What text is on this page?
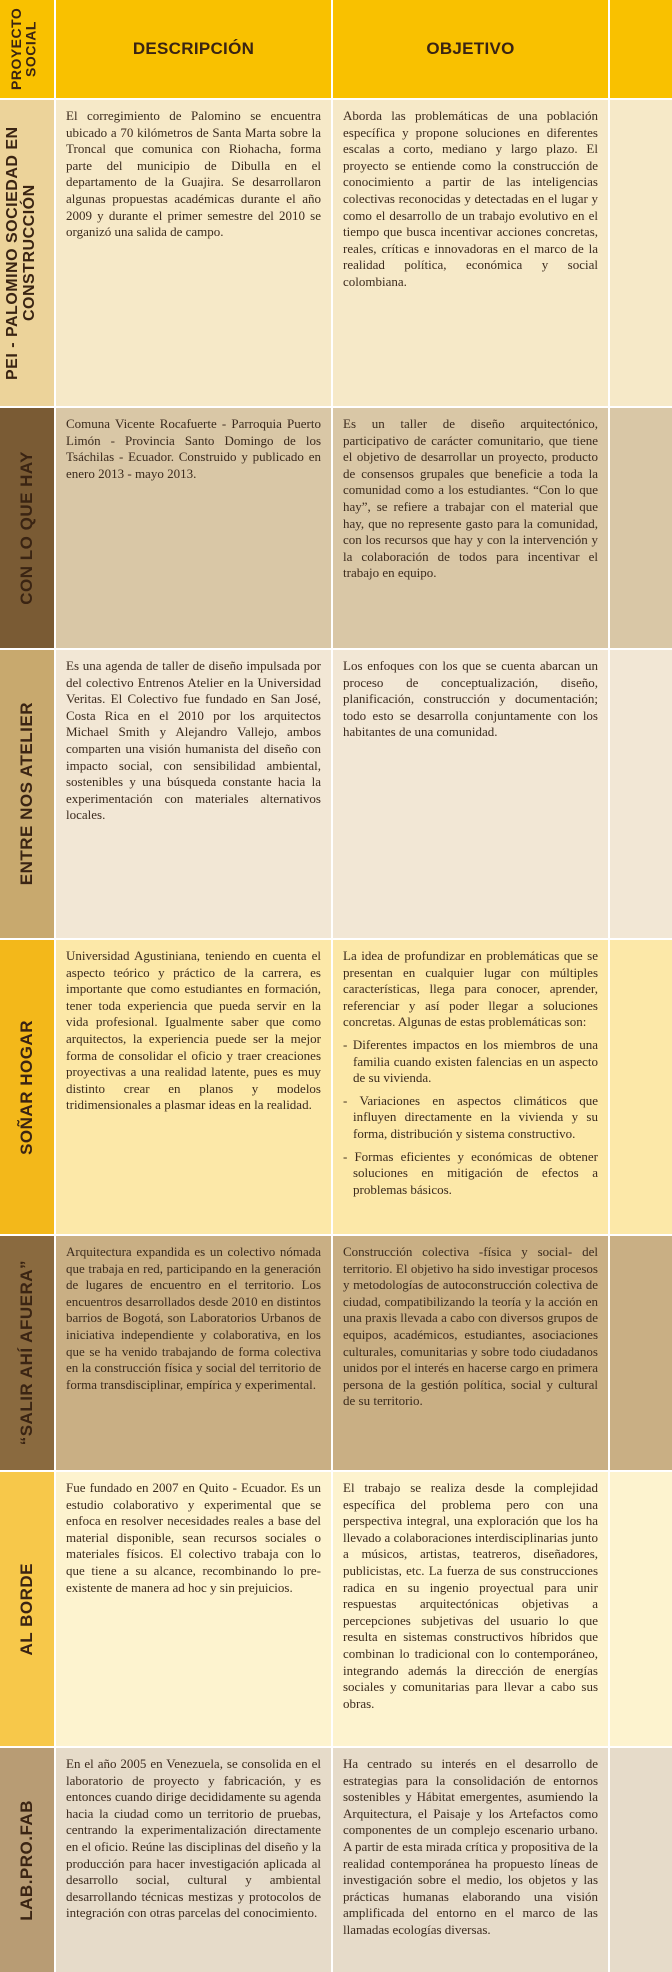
PROYECTO SOCIAL	DESCRIPCIÓN	OBJETIVO
PEI - PALOMINO SOCIEDAD EN CONSTRUCCIÓN

El corregimiento de Palomino se encuentra ubicado a 70 kilómetros de Santa Marta sobre la Troncal que comunica con Riohacha, forma parte del municipio de Dibulla en el departamento de la Guajira. Se desarrollaron algunas propuestas académicas durante el año 2009 y durante el primer semestre del 2010 se organizó una salida de campo.

Aborda las problemáticas de una población específica y propone soluciones en diferentes escalas a corto, mediano y largo plazo. El proyecto se entiende como la construcción de conocimiento a partir de las inteligencias colectivas reconocidas y detectadas en el lugar y como el desarrollo de un trabajo evolutivo en el tiempo que busca incentivar acciones concretas, reales, críticas e innovadoras en el marco de la realidad política, económica y social colombiana.

CON LO QUE HAY

Comuna Vicente Rocafuerte - Parroquia Puerto Limón - Provincia Santo Domingo de los Tsáchilas - Ecuador. Construido y publicado en enero 2013 - mayo 2013.

Es un taller de diseño arquitectónico, participativo de carácter comunitario, que tiene el objetivo de desarrollar un proyecto, producto de consensos grupales que beneficie a toda la comunidad como a los estudiantes. “Con lo que hay”, se refiere a trabajar con el material que hay, que no represente gasto para la comunidad, con los recursos que hay y con la intervención y la colaboración de todos para incentivar el trabajo en equipo.

ENTRE NOS ATELIER

Es una agenda de taller de diseño impulsada por del colectivo Entrenos Atelier en la Universidad Veritas. El Colectivo fue fundado en San José, Costa Rica en el 2010 por los arquitectos Michael Smith y Alejandro Vallejo, ambos comparten una visión humanista del diseño con impacto social, con sensibilidad ambiental, sostenibles y una búsqueda constante hacia la experimentación con materiales alternativos locales.

Los enfoques con los que se cuenta abarcan un proceso de conceptualización, diseño, planificación, construcción y documentación; todo esto se desarrolla conjuntamente con los habitantes de una comunidad.

SOÑAR HOGAR

Universidad Agustiniana, teniendo en cuenta el aspecto teórico y práctico de la carrera, es importante que como estudiantes en formación, tener toda experiencia que pueda servir en la vida profesional. Igualmente saber que como arquitectos, la experiencia puede ser la mejor forma de consolidar el oficio y traer creaciones proyectivas a una realidad latente, pues es muy distinto crear en planos y modelos tridimensionales a plasmar ideas en la realidad.

La idea de profundizar en problemáticas que se presentan en cualquier lugar con múltiples características, llega para conocer, aprender, referenciar y así poder llegar a soluciones concretas. Algunas de estas problemáticas son:

- Diferentes impactos en los miembros de una familia cuando existen falencias en un aspecto de su vivienda.

- Variaciones en aspectos climáticos que influyen directamente en la vivienda y su forma, distribución y sistema constructivo.

- Formas eficientes y económicas de obtener soluciones en mitigación de efectos a problemas básicos.

“SALIR AHÍ AFUERA”

Arquitectura expandida es un colectivo nómada que trabaja en red, participando en la generación de lugares de encuentro en el territorio. Los encuentros desarrollados desde 2010 en distintos barrios de Bogotá, son Laboratorios Urbanos de iniciativa independiente y colaborativa, en los que se ha venido trabajando de forma colectiva en la construcción física y social del territorio de forma transdisciplinar, empírica y experimental.

Construcción colectiva -física y social- del territorio. El objetivo ha sido investigar procesos y metodologías de autoconstrucción colectiva de ciudad, compatibilizando la teoría y la acción en una praxis llevada a cabo con diversos grupos de equipos, académicos, estudiantes, asociaciones culturales, comunitarias y sobre todo ciudadanos unidos por el interés en hacerse cargo en primera persona de la gestión política, social y cultural de su territorio.

AL BORDE

Fue fundado en 2007 en Quito - Ecuador. Es un estudio colaborativo y experimental que se enfoca en resolver necesidades reales a base del material disponible, sean recursos sociales o materiales físicos. El colectivo trabaja con lo que tiene a su alcance, recombinando lo pre-existente de manera ad hoc y sin prejuicios.

El trabajo se realiza desde la complejidad específica del problema pero con una perspectiva integral, una exploración que los ha llevado a colaboraciones interdisciplinarias junto a músicos, artistas, teatreros, diseñadores, publicistas, etc. La fuerza de sus construcciones radica en su ingenio proyectual para unir respuestas arquitectónicas objetivas a percepciones subjetivas del usuario lo que resulta en sistemas constructivos híbridos que combinan lo tradicional con lo contemporáneo, integrando además la dirección de energías sociales y comunitarias para llevar a cabo sus obras.

LAB.PRO.FAB

En el año 2005 en Venezuela, se consolida en el laboratorio de proyecto y fabricación, y es entonces cuando dirige decididamente su agenda hacia la ciudad como un territorio de pruebas, centrando la experimentalización directamente en el oficio. Reúne las disciplinas del diseño y la producción para hacer investigación aplicada al desarrollo social, cultural y ambiental desarrollando técnicas mestizas y protocolos de integración con otras parcelas del conocimiento.

Ha centrado su interés en el desarrollo de estrategias para la consolidación de entornos sostenibles y Hábitat emergentes, asumiendo la Arquitectura, el Paisaje y los Artefactos como componentes de un complejo escenario urbano. A partir de esta mirada crítica y propositiva de la realidad contemporánea ha propuesto líneas de investigación sobre el medio, los objetos y las prácticas humanas elaborando una visión amplificada del entorno en el marco de las llamadas ecologías diversas.
